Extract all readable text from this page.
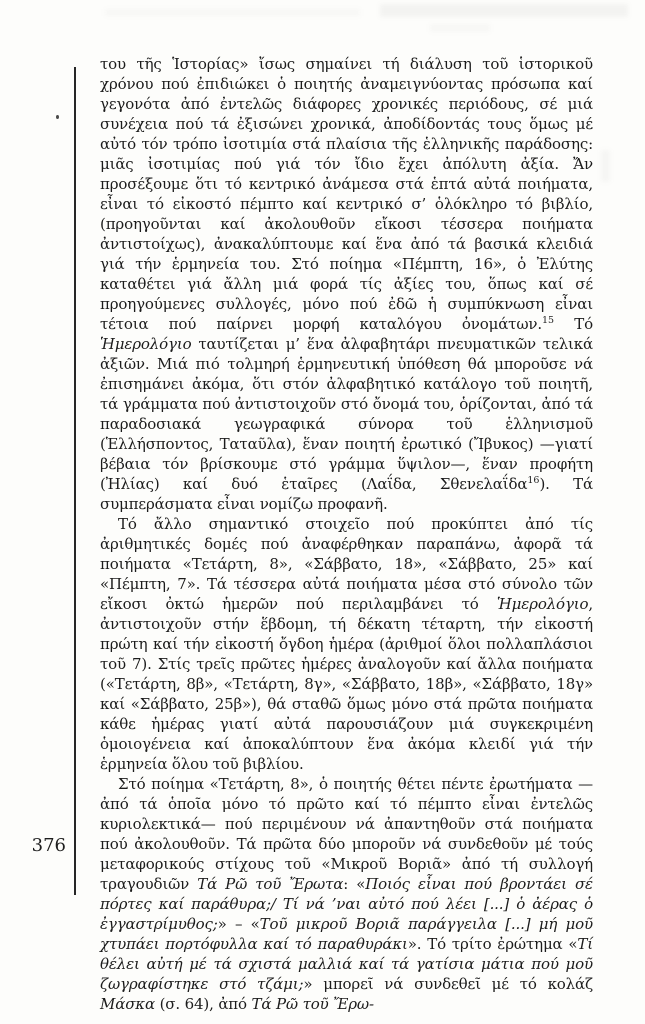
376

του τῆς Ἱστορίας» ἴσως σημαίνει τή διάλυση τοῦ ἱστορικοῦ χρόνου πού ἐπιδιώκει ὁ ποιητής ἀναμειγνύοντας πρόσωπα καί γεγονότα ἀπό ἐντελῶς διάφορες χρονικές περιόδους, σέ μιά συνέχεια πού τά ἐξισώνει χρονικά, ἀποδίδοντάς τους ὅμως μέ αὐτό τόν τρόπο ἰσοτιμία στά πλαίσια τῆς ἑλληνικῆς παράδοσης: μιᾶς ἰσοτιμίας πού γιά τόν ἴδιο ἔχει ἀπόλυτη ἀξία. Ἄν προσέξουμε ὅτι τό κεντρικό ἀνάμεσα στά ἑπτά αὐτά ποιήματα, εἶναι τό εἰκοστό πέμπτο καί κεντρικό σ’ ὁλόκληρο τό βιβλίο, (προηγοῦνται καί ἀκολουθοῦν εἴκοσι τέσσερα ποιήματα ἀντιστοίχως), ἀνακαλύπτουμε καί ἕνα ἀπό τά βασικά κλειδιά γιά τήν ἑρμηνεία του. Στό ποίημα «Πέμπτη, 16», ὁ Ἐλύτης καταθέτει γιά ἄλλη μιά φορά τίς ἀξίες του, ὅπως καί σέ προηγούμενες συλλογές, μόνο πού ἐδῶ ἡ συμπύκνωση εἶναι τέτοια πού παίρνει μορφή καταλόγου ὀνομάτων.$^{15}$ Τό Ἡμερολόγιο ταυτίζεται μ’ ἕνα ἀλφαβητάρι πνευματικῶν τελικά ἀξιῶν. Μιά πιό τολμηρή ἑρμηνευτική ὑπόθεση θά μποροῦσε νά ἐπισημάνει ἀκόμα, ὅτι στόν ἀλφαβητικό κατάλογο τοῦ ποιητῆ, τά γράμματα πού ἀντιστοιχοῦν στό ὄνομά του, ὁρίζονται, ἀπό τά παραδοσιακά γεωγραφικά σύνορα τοῦ ἑλληνισμοῦ (Ἑλλήσποντος, Ταταῦλα), ἕναν ποιητή ἐρωτικό (Ἴβυκος) —γιατί βέβαια τόν βρίσκουμε στό γράμμα ὕψιλον—, ἕναν προφήτη (Ἠλίας) καί δυό ἑταῖρες (Λαΐδα, Σθενελαΐδα$^{16}$). Τά συμπεράσματα εἶναι νομίζω προφανῆ.

Τό ἄλλο σημαντικό στοιχεῖο πού προκύπτει ἀπό τίς ἀριθμητικές δομές πού ἀναφέρθηκαν παραπάνω, ἀφορᾶ τά ποιήματα «Τετάρτη, 8», «Σάββατο, 18», «Σάββατο, 25» καί «Πέμπτη, 7». Τά τέσσερα αὐτά ποιήματα μέσα στό σύνολο τῶν εἴκοσι ὀκτώ ἡμερῶν πού περιλαμβάνει τό Ἡμερολόγιο, ἀντιστοιχοῦν στήν ἕβδομη, τή δέκατη τέταρτη, τήν εἰκοστή πρώτη καί τήν εἰκοστή ὄγδοη ἡμέρα (ἀριθμοί ὅλοι πολλαπλάσιοι τοῦ 7). Στίς τρεῖς πρῶτες ἡμέρες ἀναλογοῦν καί ἄλλα ποιήματα («Τετάρτη, 8β», «Τετάρτη, 8γ», «Σάββατο, 18β», «Σάββατο, 18γ» καί «Σάββατο, 25β»), θά σταθῶ ὅμως μόνο στά πρῶτα ποιήματα κάθε ἡμέρας γιατί αὐτά παρουσιάζουν μιά συγκεκριμένη ὁμοιογένεια καί ἀποκαλύπτουν ἕνα ἀκόμα κλειδί γιά τήν ἑρμηνεία ὅλου τοῦ βιβλίου.

Στό ποίημα «Τετάρτη, 8», ὁ ποιητής θέτει πέντε ἐρωτήματα — ἀπό τά ὁποῖα μόνο τό πρῶτο καί τό πέμπτο εἶναι ἐντελῶς κυριολεκτικά— πού περιμένουν νά ἀπαντηθοῦν στά ποιήματα πού ἀκολουθοῦν. Τά πρῶτα δύο μποροῦν νά συνδεθοῦν μέ τούς μεταφορικούς στίχους τοῦ «Μικροῦ Βοριᾶ» ἀπό τή συλλογή τραγουδιῶν Τά Ρῶ τοῦ Ἔρωτα: «Ποιός εἶναι πού βροντάει σέ πόρτες καί παράθυρα;/ Τί νά ’ναι αὐτό πού λέει [...] ὁ ἀέρας ὁ ἐγγαστρίμυθος;» – «Τοῦ μικροῦ Βοριᾶ παράγγειλα [...] μή μοῦ χτυπάει πορτόφυλλα καί τό παραθυράκι». Τό τρίτο ἐρώτημα «Τί θέλει αὐτή μέ τά σχιστά μαλλιά καί τά γατίσια μάτια πού μοῦ ζωγραφίστηκε στό τζάμι;» μπορεῖ νά συνδεθεῖ μέ τό κολάζ Μάσκα (σ. 64), ἀπό Τά Ρῶ τοῦ Ἔρω-
